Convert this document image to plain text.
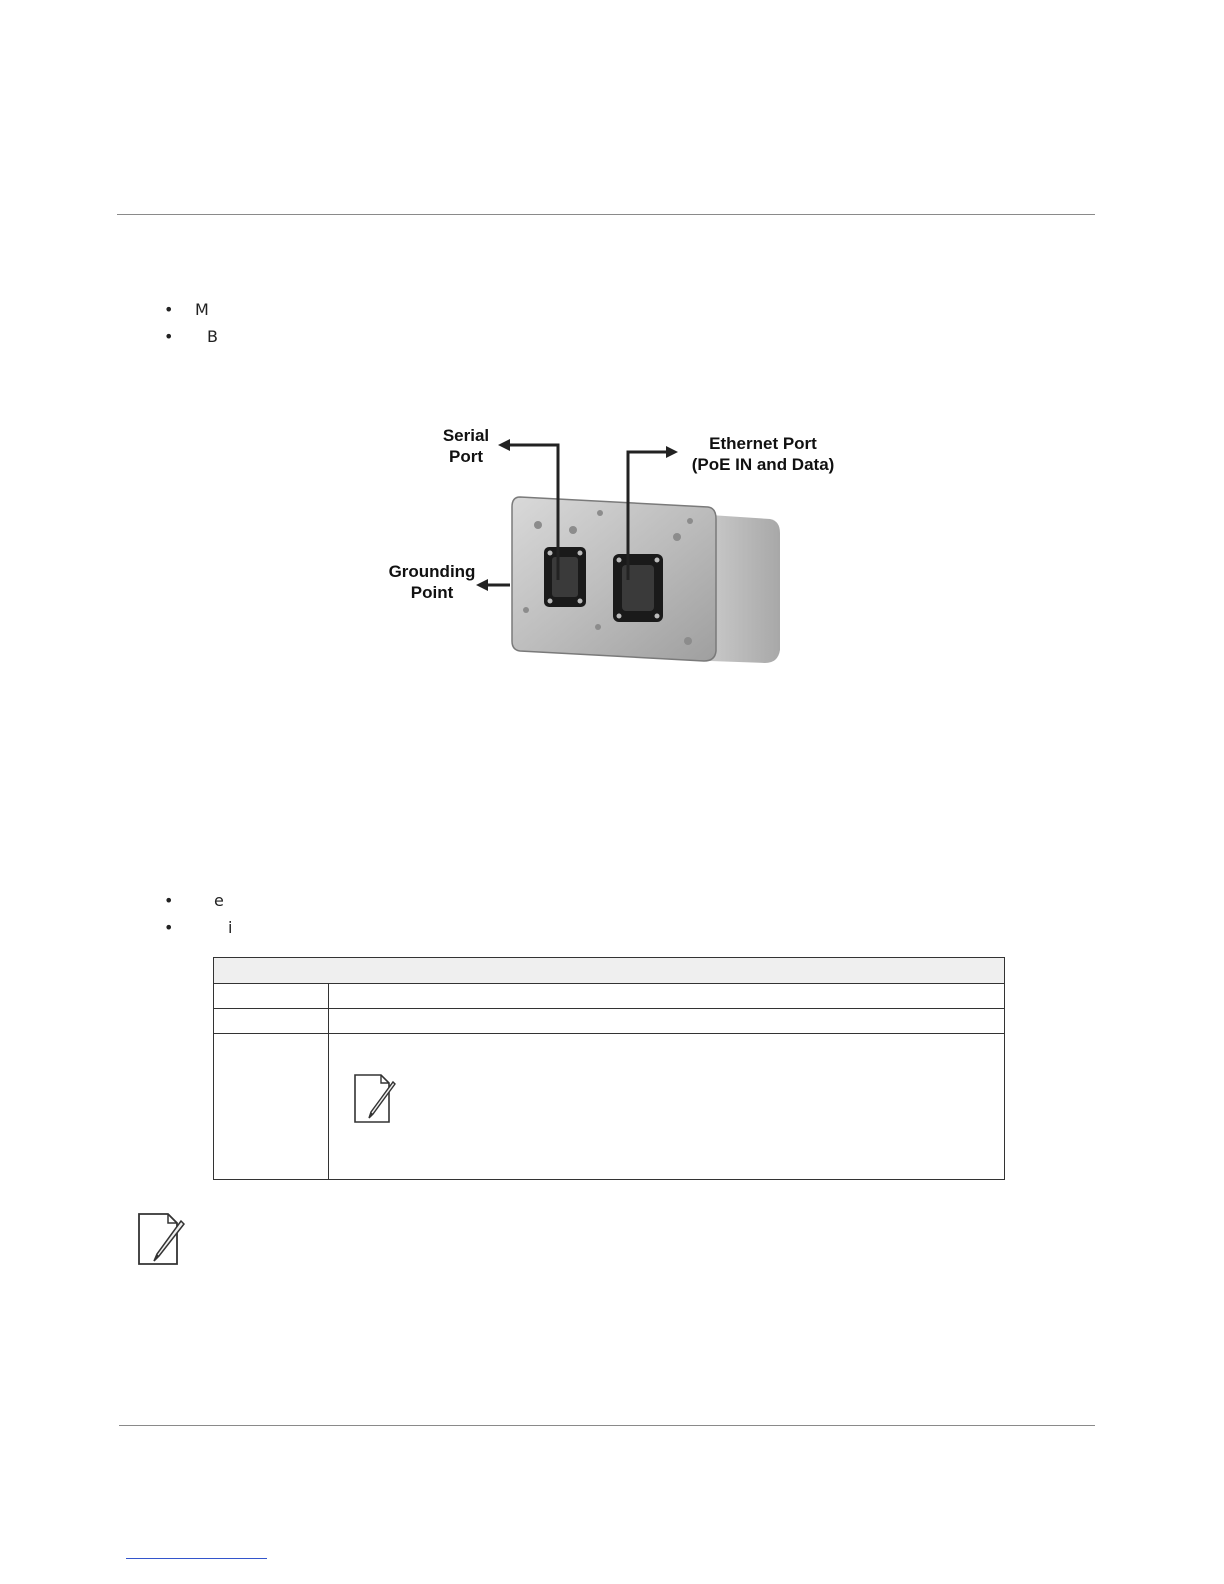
• M
• B
Serial
Port
Ethernet Port
(PoE IN and Data)
Grounding
Point
•	e
•	i
